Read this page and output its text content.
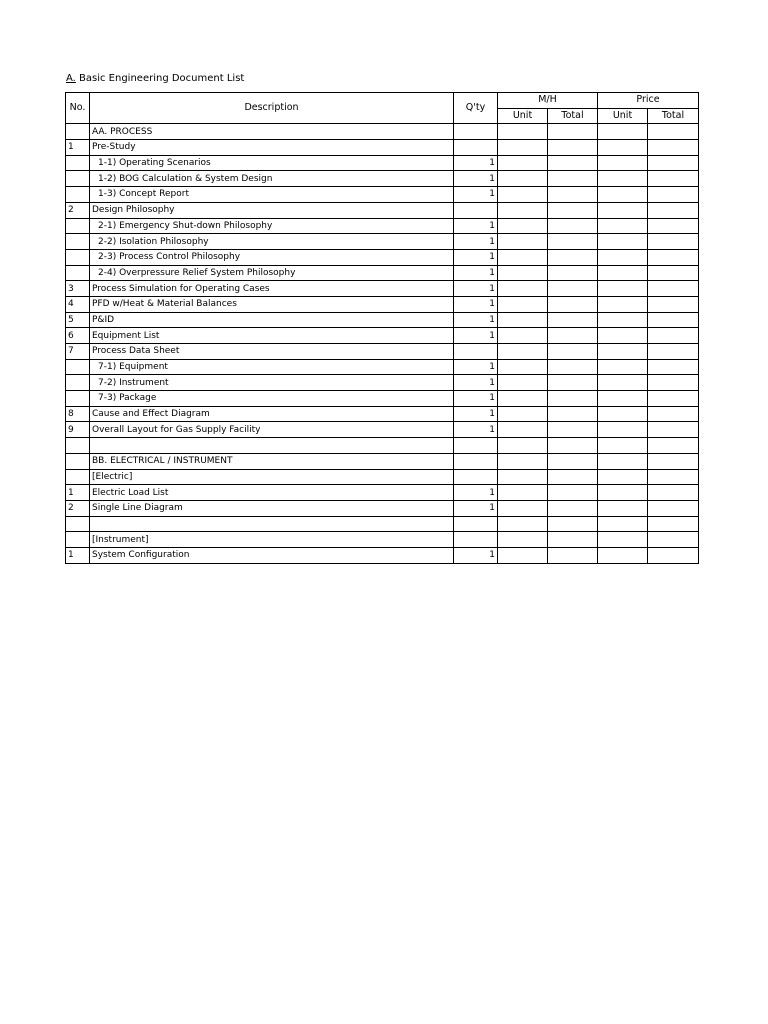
A. Basic Engineering Document List
No.	Description	Q'ty	M/H		Price	
			Unit	Total	Unit	Total
	AA. PROCESS					
1	Pre-Study					
	1-1) Operating Scenarios	1				
	1-2) BOG Calculation & System Design	1				
	1-3) Concept Report	1				
2	Design Philosophy					
	2-1) Emergency Shut-down Philosophy	1				
	2-2) Isolation Philosophy	1				
	2-3) Process Control Philosophy	1				
	2-4) Overpressure Relief System Philosophy	1				
3	Process Simulation for Operating Cases	1				
4	PFD w/Heat & Material Balances	1				
5	P&ID	1				
6	Equipment List	1				
7	Process Data Sheet					
	7-1) Equipment	1				
	7-2) Instrument	1				
	7-3) Package	1				
8	Cause and Effect Diagram	1				
9	Overall Layout for Gas Supply Facility	1				

	BB. ELECTRICAL / INSTRUMENT					
	[Electric]					
1	Electric Load List	1				
2	Single Line Diagram	1				

	[Instrument]					
1	System Configuration	1				
